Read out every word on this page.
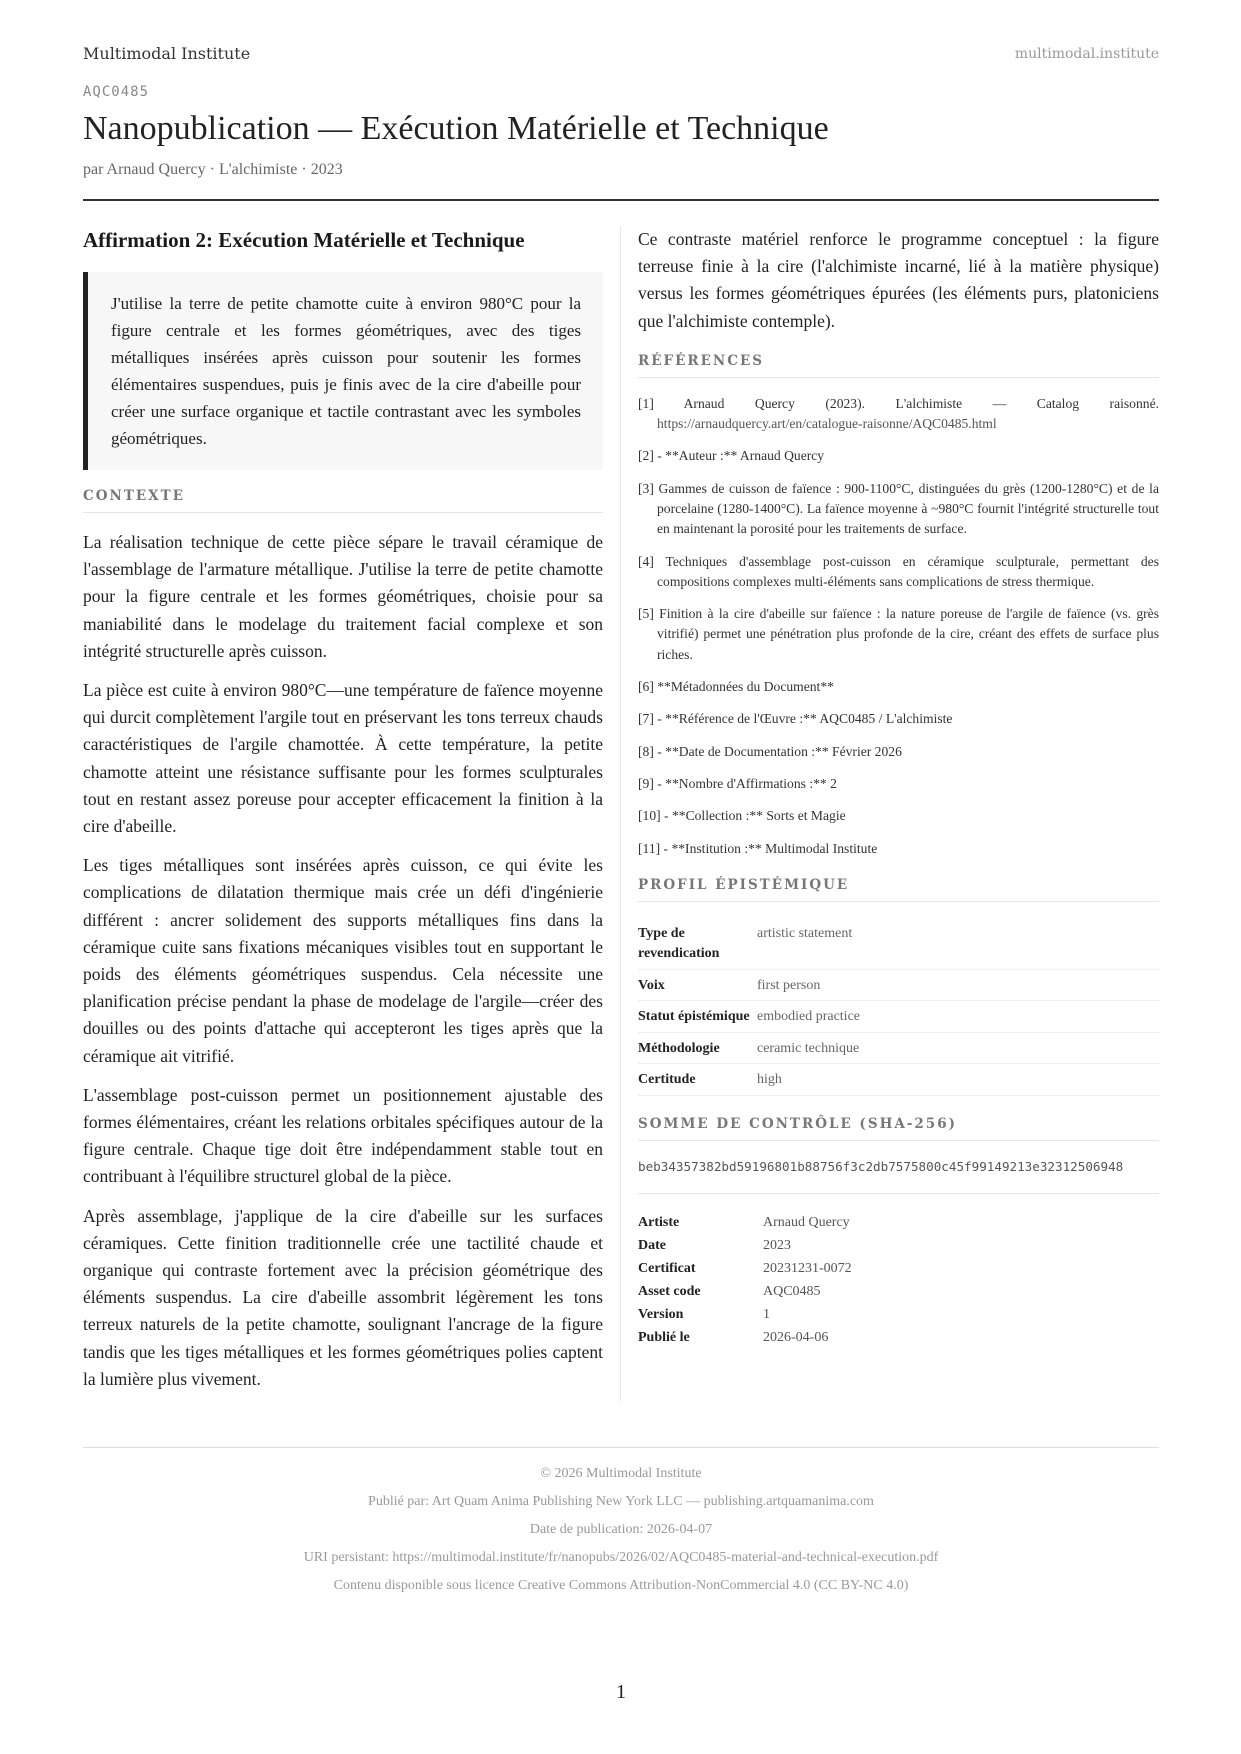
Multimodal Institute	multimodal.institute
AQC0485
Nanopublication — Exécution Matérielle et Technique
par Arnaud Quercy · L'alchimiste · 2023
Affirmation 2: Exécution Matérielle et Technique

J'utilise la terre de petite chamotte cuite à environ 980°C pour la figure centrale et les formes géométriques, avec des tiges métalliques insérées après cuisson pour soutenir les formes élémentaires suspendues, puis je finis avec de la cire d'abeille pour créer une surface organique et tactile contrastant avec les symboles géométriques.

CONTEXTE

La réalisation technique de cette pièce sépare le travail céramique de l'assemblage de l'armature métallique. J'utilise la terre de petite chamotte pour la figure centrale et les formes géométriques, choisie pour sa maniabilité dans le modelage du traitement facial complexe et son intégrité structurelle après cuisson.

La pièce est cuite à environ 980°C—une température de faïence moyenne qui durcit complètement l'argile tout en préservant les tons terreux chauds caractéristiques de l'argile chamottée. À cette température, la petite chamotte atteint une résistance suffisante pour les formes sculpturales tout en restant assez poreuse pour accepter efficacement la finition à la cire d'abeille.

Les tiges métalliques sont insérées après cuisson, ce qui évite les complications de dilatation thermique mais crée un défi d'ingénierie différent : ancrer solidement des supports métalliques fins dans la céramique cuite sans fixations mécaniques visibles tout en supportant le poids des éléments géométriques suspendus. Cela nécessite une planification précise pendant la phase de modelage de l'argile—créer des douilles ou des points d'attache qui accepteront les tiges après que la céramique ait vitrifié.

L'assemblage post-cuisson permet un positionnement ajustable des formes élémentaires, créant les relations orbitales spécifiques autour de la figure centrale. Chaque tige doit être indépendamment stable tout en contribuant à l'équilibre structurel global de la pièce.

Après assemblage, j'applique de la cire d'abeille sur les surfaces céramiques. Cette finition traditionnelle crée une tactilité chaude et organique qui contraste fortement avec la précision géométrique des éléments suspendus. La cire d'abeille assombrit légèrement les tons terreux naturels de la petite chamotte, soulignant l'ancrage de la figure tandis que les tiges métalliques et les formes géométriques polies captent la lumière plus vivement.

Ce contraste matériel renforce le programme conceptuel : la figure terreuse finie à la cire (l'alchimiste incarné, lié à la matière physique) versus les formes géométriques épurées (les éléments purs, platoniciens que l'alchimiste contemple).

RÉFÉRENCES
[1] Arnaud Quercy (2023). L'alchimiste — Catalog raisonné. https://arnaudquercy.art/en/catalogue-raisonne/AQC0485.html
[2] - **Auteur :** Arnaud Quercy
[3] Gammes de cuisson de faïence : 900-1100°C, distinguées du grès (1200-1280°C) et de la porcelaine (1280-1400°C). La faïence moyenne à ~980°C fournit l'intégrité structurelle tout en maintenant la porosité pour les traitements de surface.
[4] Techniques d'assemblage post-cuisson en céramique sculpturale, permettant des compositions complexes multi-éléments sans complications de stress thermique.
[5] Finition à la cire d'abeille sur faïence : la nature poreuse de l'argile de faïence (vs. grès vitrifié) permet une pénétration plus profonde de la cire, créant des effets de surface plus riches.
[6] **Métadonnées du Document**
[7] - **Référence de l'Œuvre :** AQC0485 / L'alchimiste
[8] - **Date de Documentation :** Février 2026
[9] - **Nombre d'Affirmations :** 2
[10] - **Collection :** Sorts et Magie
[11] - **Institution :** Multimodal Institute
PROFIL ÉPISTÉMIQUE
Type de revendication	artistic statement
Voix	first person
Statut épistémique	embodied practice
Méthodologie	ceramic technique
Certitude	high
SOMME DE CONTRÔLE (SHA-256)
beb34357382bd59196801b88756f3c2db7575800c45f99149213e32312506948
Artiste	Arnaud Quercy
Date	2023
Certificat	20231231-0072
Asset code	AQC0485
Version	1
Publié le	2026-04-06
© 2026 Multimodal Institute
Publié par: Art Quam Anima Publishing New York LLC — publishing.artquamanima.com
Date de publication: 2026-04-07
URI persistant: https://multimodal.institute/fr/nanopubs/2026/02/AQC0485-material-and-technical-execution.pdf
Contenu disponible sous licence Creative Commons Attribution-NonCommercial 4.0 (CC BY-NC 4.0)
1
